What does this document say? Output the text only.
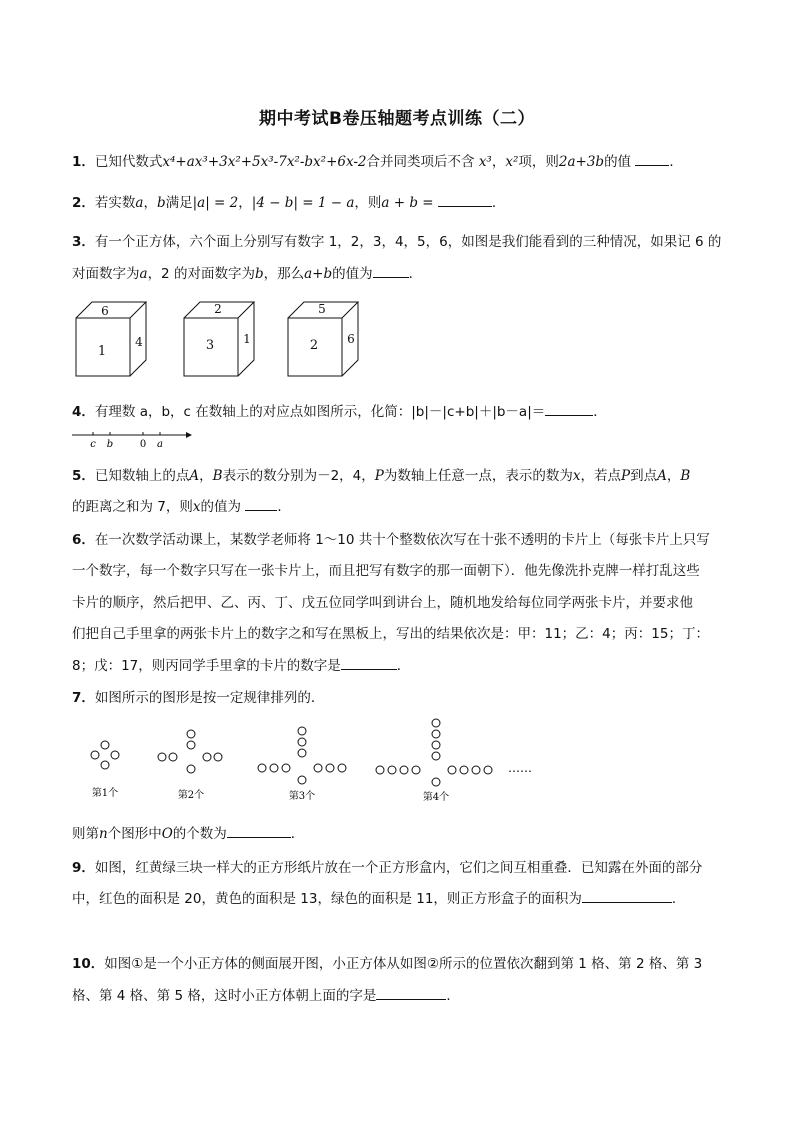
期中考试B卷压轴题考点训练（二）
1．已知代数式x⁴+ax³+3x²+5x³-7x²-bx²+6x-2合并同类项后不含 x³，x²项，则2a+3b的值	．
2．若实数a，b满足|a| = 2，|4 − b| = 1 − a，则a + b =	．
3．有一个正方体，六个面上分别写有数字 1，2，3，4，5，6，如图是我们能看到的三种情况，如果记 6 的
对面数字为a，2 的对面数字为b，那么a+b的值为	．
6
1
4
2
3 1
5
2 6
4．有理数 a，b，c 在数轴上的对应点如图所示，化简：|b|－|c+b|＋|b－a|＝	．
c b	0 a
5．已知数轴上的点A，B表示的数分别为－2，4，P为数轴上任意一点，表示的数为x，若点P到点A，B
的距离之和为 7，则x的值为	．
6．在一次数学活动课上，某数学老师将 1～10 共十个整数依次写在十张不透明的卡片上（每张卡片上只写
一个数字，每一个数字只写在一张卡片上，而且把写有数字的那一面朝下）．他先像洗扑克牌一样打乱这些
卡片的顺序，然后把甲、乙、丙、丁、戊五位同学叫到讲台上，随机地发给每位同学两张卡片，并要求他
们把自己手里拿的两张卡片上的数字之和写在黑板上，写出的结果依次是：甲：11；乙：4；丙：15；丁：
8；戊：17，则丙同学手里拿的卡片的数字是	．
7．如图所示的图形是按一定规律排列的．
……
第1个	第2个	第3个	第4个
则第n个图形中O的个数为	．
9．如图，红黄绿三块一样大的正方形纸片放在一个正方形盒内，它们之间互相重叠．已知露在外面的部分
中，红色的面积是 20，黄色的面积是 13，绿色的面积是 11，则正方形盒子的面积为	．
10．如图①是一个小正方体的侧面展开图，小正方体从如图②所示的位置依次翻到第 1 格、第 2 格、第 3
格、第 4 格、第 5 格，这时小正方体朝上面的字是	．
